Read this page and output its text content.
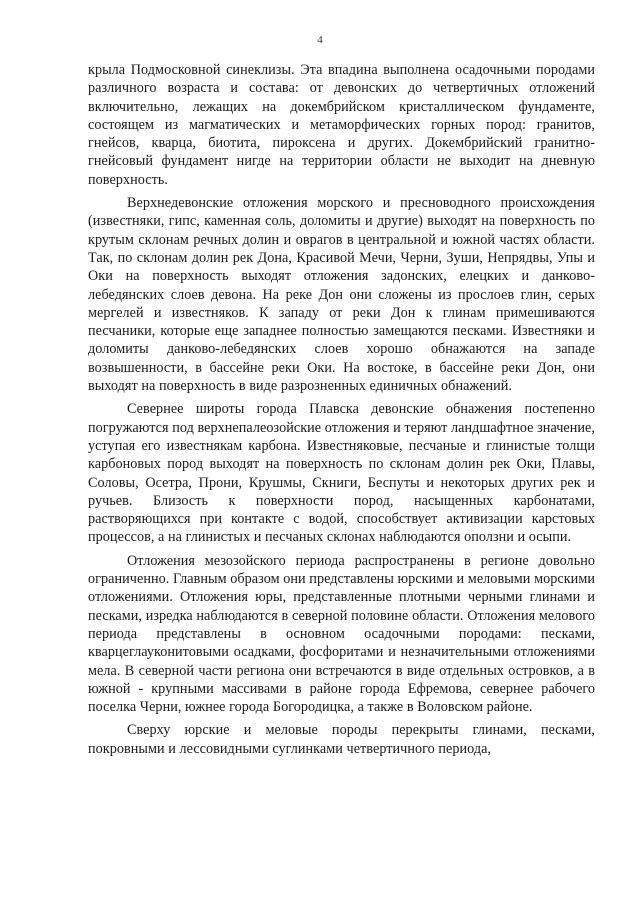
4

крыла Подмосковной синеклизы. Эта впадина выполнена осадочными породами различного возраста и состава: от девонских до четвертичных отложений включительно, лежащих на докембрийском кристаллическом фундаменте, состоящем из магматических и метаморфических горных пород: гранитов, гнейсов, кварца, биотита, пироксена и других. Докембрийский гранитно-гнейсовый фундамент нигде на территории области не выходит на дневную поверхность.

Верхнедевонские отложения морского и пресноводного происхождения (известняки, гипс, каменная соль, доломиты и другие) выходят на поверхность по крутым склонам речных долин и оврагов в центральной и южной частях области. Так, по склонам долин рек Дона, Красивой Мечи, Черни, Зуши, Непрядвы, Упы и Оки на поверхность выходят отложения задонских, елецких и данково-лебедянских слоев девона. На реке Дон они сложены из прослоев глин, серых мергелей и известняков. К западу от реки Дон к глинам примешиваются песчаники, которые еще западнее полностью замещаются песками. Известняки и доломиты данково-лебедянских слоев хорошо обнажаются на западе возвышенности, в бассейне реки Оки. На востоке, в бассейне реки Дон, они выходят на поверхность в виде разрозненных единичных обнажений.

Севернее широты города Плавска девонские обнажения постепенно погружаются под верхнепалеозойские отложения и теряют ландшафтное значение, уступая его известнякам карбона. Известняковые, песчаные и глинистые толщи карбоновых пород выходят на поверхность по склонам долин рек Оки, Плавы, Соловы, Осетра, Прони, Крушмы, Скниги, Беспуты и некоторых других рек и ручьев. Близость к поверхности пород, насыщенных карбонатами, растворяющихся при контакте с водой, способствует активизации карстовых процессов, а на глинистых и песчаных склонах наблюдаются оползни и осыпи.

Отложения мезозойского периода распространены в регионе довольно ограниченно. Главным образом они представлены юрскими и меловыми морскими отложениями. Отложения юры, представленные плотными черными глинами и песками, изредка наблюдаются в северной половине области. Отложения мелового периода представлены в основном осадочными породами: песками, кварцеглауконитовыми осадками, фосфоритами и незначительными отложениями мела. В северной части региона они встречаются в виде отдельных островков, а в южной - крупными массивами в районе города Ефремова, севернее рабочего поселка Черни, южнее города Богородицка, а также в Воловском районе.

Сверху юрские и меловые породы перекрыты глинами, песками, покровными и лессовидными суглинками четвертичного периода,
